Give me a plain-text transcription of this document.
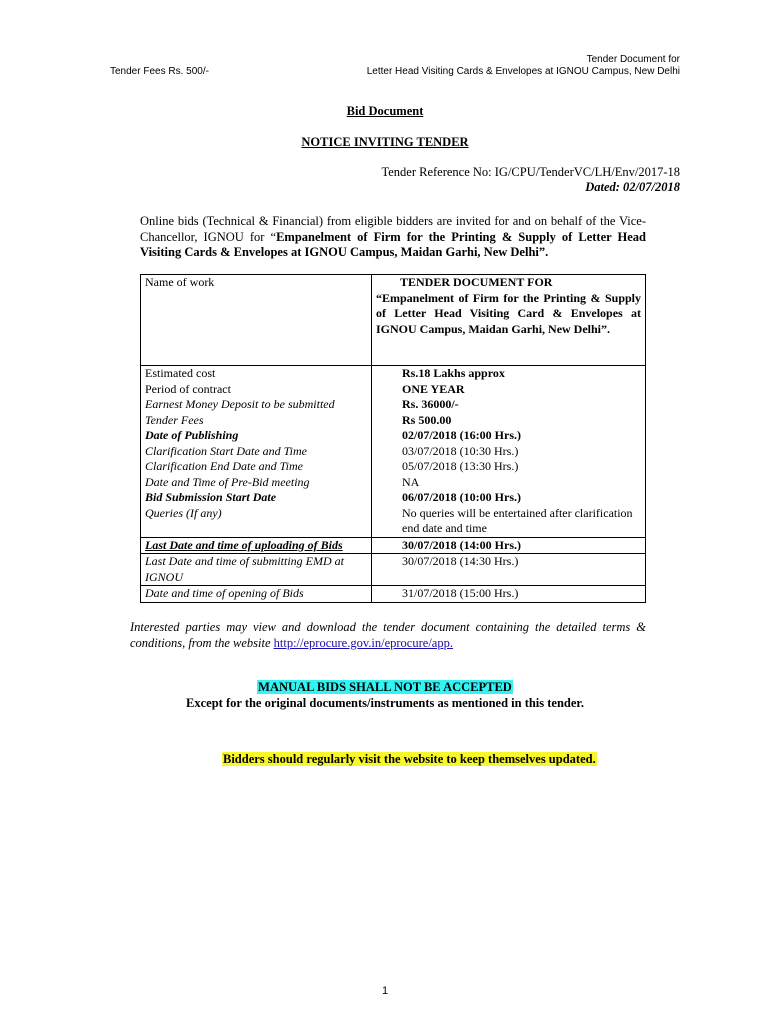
Tender Fees Rs. 500/-
Tender Document for
Letter Head Visiting Cards & Envelopes at IGNOU Campus, New Delhi
Bid Document
NOTICE INVITING TENDER
Tender Reference No: IG/CPU/TenderVC/LH/Env/2017-18
Dated: 02/07/2018
Online bids (Technical & Financial) from eligible bidders are invited for and on behalf of the Vice-Chancellor, IGNOU for “Empanelment of Firm for the Printing & Supply of Letter Head Visiting Cards & Envelopes at IGNOU Campus, Maidan Garhi, New Delhi”.
Name of work	TENDER DOCUMENT FOR
“Empanelment of Firm for the Printing & Supply of Letter Head Visiting Card & Envelopes at IGNOU Campus, Maidan Garhi, New Delhi”.
Estimated cost	Rs.18 Lakhs approx
Period of contract	ONE YEAR
Earnest Money Deposit to be submitted	Rs. 36000/-
Tender Fees	Rs 500.00
Date of Publishing	02/07/2018 (16:00 Hrs.)
Clarification Start Date and Time	03/07/2018 (10:30 Hrs.)
Clarification End Date and Time	05/07/2018 (13:30 Hrs.)
Date and Time of Pre-Bid meeting	NA
Bid Submission Start Date	06/07/2018 (10:00 Hrs.)
Queries (If any)	No queries will be entertained after clarification end date and time
Last Date and time of uploading of Bids	30/07/2018 (14:00 Hrs.)
Last Date and time of submitting EMD at IGNOU	30/07/2018 (14:30 Hrs.)
Date and time of opening of Bids	31/07/2018 (15:00 Hrs.)
Interested parties may view and download the tender document containing the detailed terms & conditions, from the website http://eprocure.gov.in/eprocure/app.
MANUAL BIDS SHALL NOT BE ACCEPTED
Except for the original documents/instruments as mentioned in this tender.
Bidders should regularly visit the website to keep themselves updated.
1
